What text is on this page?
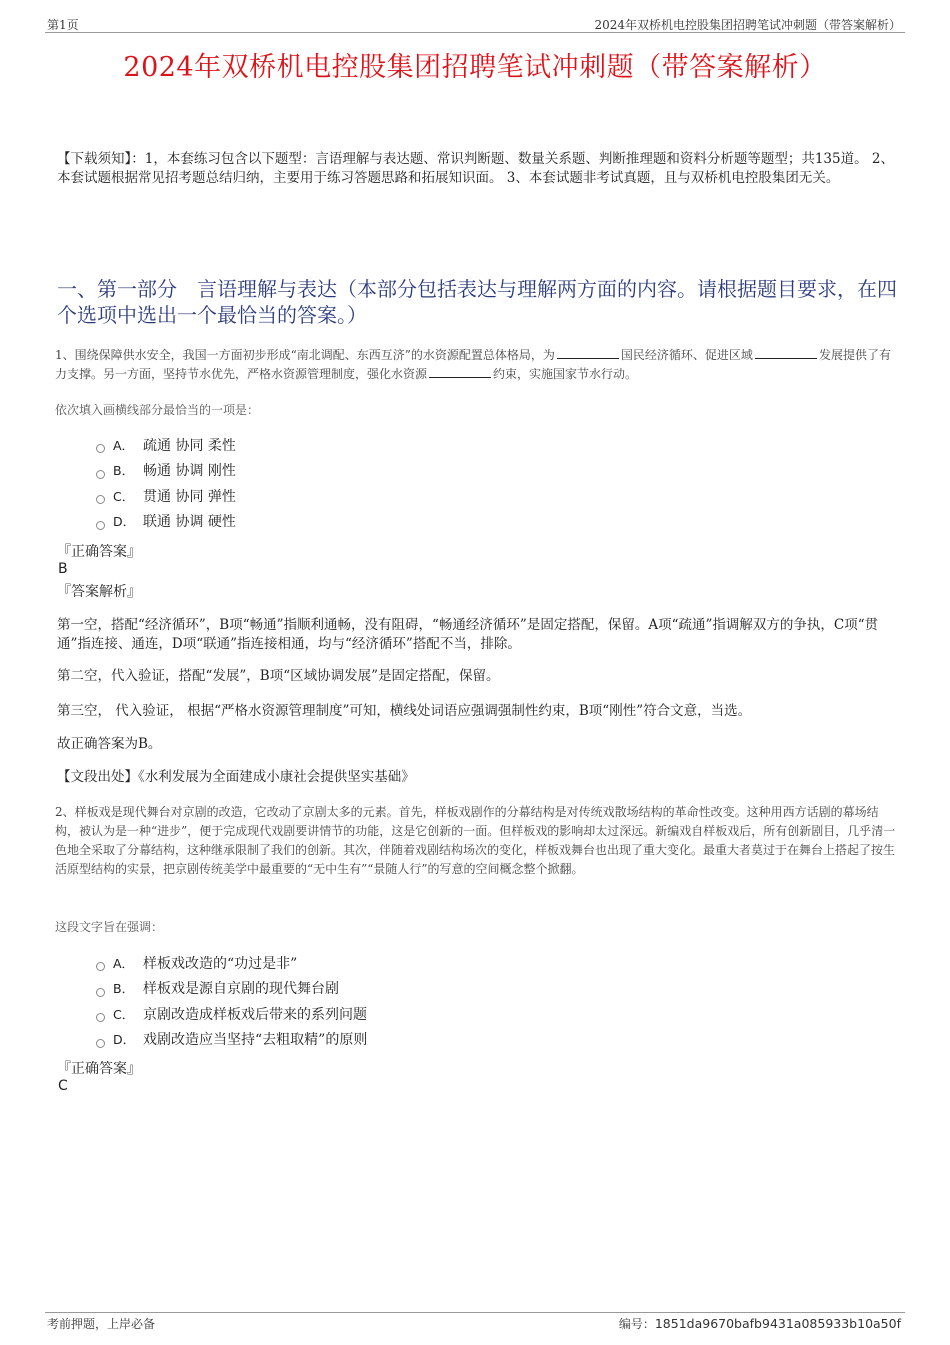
第1页	2024年双桥机电控股集团招聘笔试冲刺题（带答案解析）
2024年双桥机电控股集团招聘笔试冲刺题（带答案解析）
【下载须知】：1，本套练习包含以下题型：言语理解与表达题、常识判断题、数量关系题、判断推理题和资料分析题等题型；共135道。 2、本套试题根据常见招考题总结归纳，主要用于练习答题思路和拓展知识面。 3、本套试题非考试真题，且与双桥机电控股集团无关。
一、第一部分　言语理解与表达（本部分包括表达与理解两方面的内容。请根据题目要求，在四个选项中选出一个最恰当的答案。）
1、围绕保障供水安全，我国一方面初步形成“南北调配、东西互济”的水资源配置总体格局，为	国民经济循环、促进区域	发展提供了有力支撑。另一方面，坚持节水优先，严格水资源管理制度，强化水资源	约束，实施国家节水行动。
依次填入画横线部分最恰当的一项是：
A． 疏通 协同 柔性
B． 畅通 协调 刚性
C． 贯通 协同 弹性
D． 联通 协调 硬性
『正确答案』
B
『答案解析』
第一空，搭配“经济循环”，B项“畅通”指顺利通畅，没有阻碍，“畅通经济循环”是固定搭配，保留。A项“疏通”指调解双方的争执，C项“贯通”指连接、通连，D项“联通”指连接相通，均与“经济循环”搭配不当，排除。
第二空，代入验证，搭配“发展”，B项“区域协调发展”是固定搭配，保留。
第三空， 代入验证， 根据“严格水资源管理制度”可知，横线处词语应强调强制性约束，B项“刚性”符合文意，当选。
故正确答案为B。
【文段出处】《水利发展为全面建成小康社会提供坚实基础》
2、样板戏是现代舞台对京剧的改造，它改动了京剧太多的元素。首先，样板戏剧作的分幕结构是对传统戏散场结构的革命性改变。这种用西方话剧的幕场结构，被认为是一种“进步”，便于完成现代戏剧要讲情节的功能，这是它创新的一面。但样板戏的影响却太过深远。新编戏自样板戏后，所有创新剧目，几乎清一色地全采取了分幕结构，这种继承限制了我们的创新。其次，伴随着戏剧结构场次的变化，样板戏舞台也出现了重大变化。最重大者莫过于在舞台上搭起了按生活原型结构的实景，把京剧传统美学中最重要的“无中生有”“景随人行”的写意的空间概念整个掀翻。
这段文字旨在强调：
A． 样板戏改造的“功过是非”
B． 样板戏是源自京剧的现代舞台剧
C． 京剧改造成样板戏后带来的系列问题
D． 戏剧改造应当坚持“去粗取精”的原则
『正确答案』
C
考前押题，上岸必备	编号：1851da9670bafb9431a085933b10a50f
